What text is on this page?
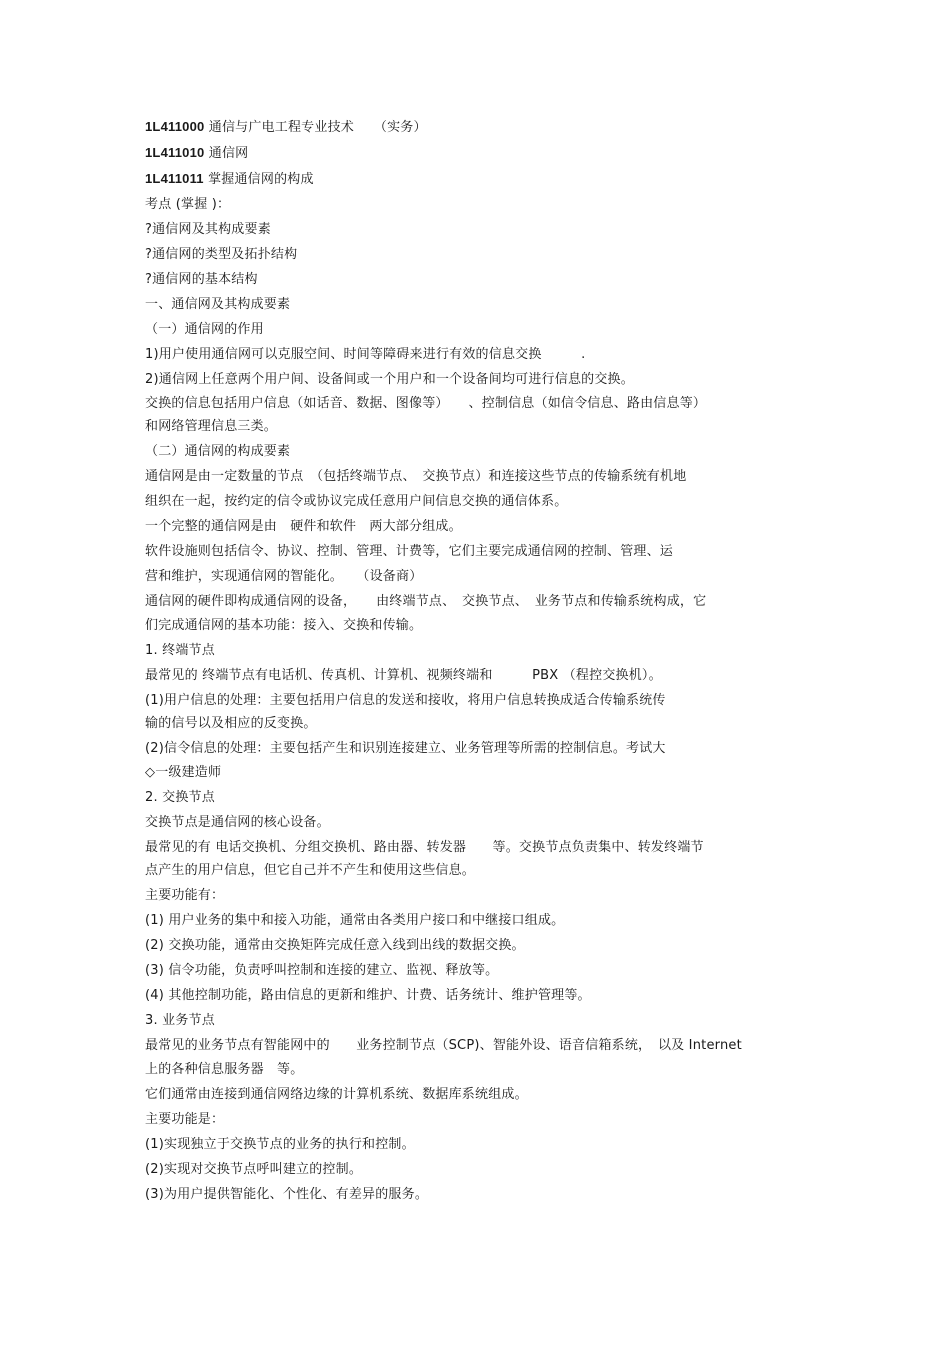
1L411000 通信与广电工程专业技术　　（实务）

1L411010 通信网

1L411011 掌握通信网的构成

考点 (掌握 )：

?通信网及其构成要素

?通信网的类型及拓扑结构

?通信网的基本结构

一、通信网及其构成要素

（一）通信网的作用

1)用户使用通信网可以克服空间、时间等障碍来进行有效的信息交换　　　.

2)通信网上任意两个用户间、设备间或一个用户和一个设备间均可进行信息的交换。

交换的信息包括用户信息（如话音、数据、图像等）　　、控制信息（如信令信息、路由信息等）

和网络管理信息三类。

（二）通信网的构成要素

通信网是由一定数量的节点　（包括终端节点、　交换节点）和连接这些节点的传输系统有机地

组织在一起，按约定的信令或协议完成任意用户间信息交换的通信体系。

一个完整的通信网是由　硬件和软件　两大部分组成。

软件设施则包括信令、协议、控制、管理、计费等，它们主要完成通信网的控制、管理、运

营和维护，实现通信网的智能化。　　（设备商）

通信网的硬件即构成通信网的设备，　　由终端节点、　交换节点、　业务节点和传输系统构成，它

们完成通信网的基本功能：接入、交换和传输。

1. 终端节点

最常见的 终端节点有电话机、传真机、计算机、视频终端和　　　PBX （程控交换机）。

(1)用户信息的处理：主要包括用户信息的发送和接收，将用户信息转换成适合传输系统传

输的信号以及相应的反变换。

(2)信令信息的处理：主要包括产生和识别连接建立、业务管理等所需的控制信息。考试大

◇一级建造师

2. 交换节点

交换节点是通信网的核心设备。

最常见的有 电话交换机、分组交换机、路由器、转发器　　等。交换节点负责集中、转发终端节

点产生的用户信息，但它自己并不产生和使用这些信息。

主要功能有：

(1) 用户业务的集中和接入功能，通常由各类用户接口和中继接口组成。

(2) 交换功能，通常由交换矩阵完成任意入线到出线的数据交换。

(3) 信令功能，负责呼叫控制和连接的建立、监视、释放等。

(4) 其他控制功能，路由信息的更新和维护、计费、话务统计、维护管理等。

3. 业务节点

最常见的业务节点有智能网中的　　业务控制节点（SCP)、智能外设、语音信箱系统，　以及 Internet

上的各种信息服务器　等。

它们通常由连接到通信网络边缘的计算机系统、数据库系统组成。

主要功能是：

(1)实现独立于交换节点的业务的执行和控制。

(2)实现对交换节点呼叫建立的控制。

(3)为用户提供智能化、个性化、有差异的服务。
